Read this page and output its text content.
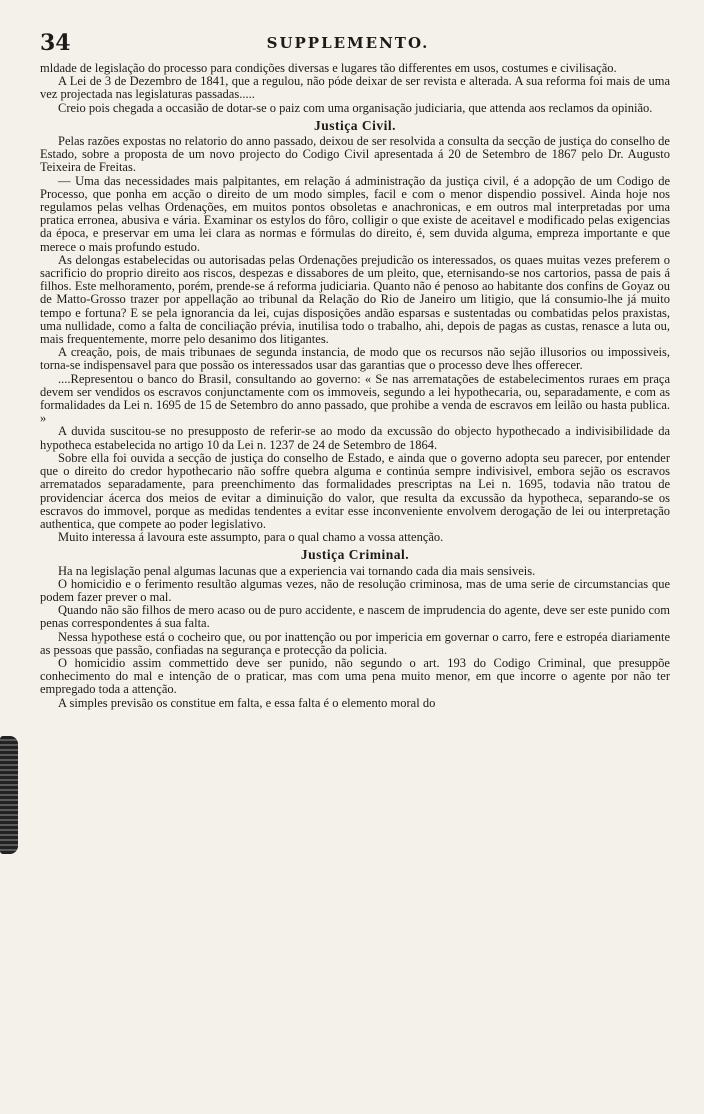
34	SUPPLEMENTO.

mldade de legislação do processo para condições diversas e lugares tão differentes em usos, costumes e civilisação.

A Lei de 3 de Dezembro de 1841, que a regulou, não póde deixar de ser revista e alterada. A sua reforma foi mais de uma vez projectada nas legislaturas passadas.....

Creio pois chegada a occasião de dotar-se o paiz com uma organisação judiciaria, que attenda aos reclamos da opinião.

Justiça Civil.

Pelas razões expostas no relatorio do anno passado, deixou de ser resolvida a consulta da secção de justiça do conselho de Estado, sobre a proposta de um novo projecto do Codigo Civil apresentada á 20 de Setembro de 1867 pelo Dr. Augusto Teixeira de Freitas.

— Uma das necessidades mais palpitantes, em relação á administração da justiça civil, é a adopção de um Codigo de Processo, que ponha em acção o direito de um modo simples, facil e com o menor dispendio possivel. Ainda hoje nos regulamos pelas velhas Ordenações, em muitos pontos obsoletas e anachronicas, e em outros mal interpretadas por uma pratica erronea, abusiva e vária. Examinar os estylos do fôro, colligir o que existe de aceitavel e modificado pelas exigencias da época, e preservar em uma lei clara as normas e fórmulas do direito, é, sem duvida alguma, empreza importante e que merece o mais profundo estudo.

As delongas estabelecidas ou autorisadas pelas Ordenações prejudicão os interessados, os quaes muitas vezes preferem o sacrificio do proprio direito aos riscos, despezas e dissabores de um pleito, que, eternisando-se nos cartorios, passa de pais á filhos. Este melhoramento, porém, prende-se á reforma judiciaria. Quanto não é penoso ao habitante dos confins de Goyaz ou de Matto-Grosso trazer por appellação ao tribunal da Relação do Rio de Janeiro um litigio, que lá consumio-lhe já muito tempo e fortuna? E se pela ignorancia da lei, cujas disposições andão esparsas e sustentadas ou combatidas pelos praxistas, uma nullidade, como a falta de conciliação prévia, inutilisa todo o trabalho, ahi, depois de pagas as custas, renasce a luta ou, mais frequentemente, morre pelo desanimo dos litigantes.

A creação, pois, de mais tribunaes de segunda instancia, de modo que os recursos não sejão illusorios ou impossiveis, torna-se indispensavel para que possão os interessados usar das garantias que o processo deve lhes offerecer.

....Representou o banco do Brasil, consultando ao governo: « Se nas arrematações de estabelecimentos ruraes em praça devem ser vendidos os escravos conjunctamente com os immoveis, segundo a lei hypothecaria, ou, separadamente, e com as formalidades da Lei n. 1695 de 15 de Setembro do anno passado, que prohibe a venda de escravos em leilão ou hasta publica. »

A duvida suscitou-se no presupposto de referir-se ao modo da excussão do objecto hypothecado a indivisibilidade da hypotheca estabelecida no artigo 10 da Lei n. 1237 de 24 de Setembro de 1864.

Sobre ella foi ouvida a secção de justiça do conselho de Estado, e ainda que o governo adopta seu parecer, por entender que o direito do credor hypothecario não soffre quebra alguma e continúa sempre indivisivel, embora sejão os escravos arrematados separadamente, para preenchimento das formalidades prescriptas na Lei n. 1695, todavia não tratou de providenciar ácerca dos meios de evitar a diminuição do valor, que resulta da excussão da hypotheca, separando-se os escravos do immovel, porque as medidas tendentes a evitar esse inconveniente envolvem derogação de lei ou interpretação authentica, que compete ao poder legislativo.

Muito interessa á lavoura este assumpto, para o qual chamo a vossa attenção.

Justiça Criminal.

Ha na legislação penal algumas lacunas que a experiencia vai tornando cada dia mais sensiveis.

O homicidio e o ferimento resultão algumas vezes, não de resolução criminosa, mas de uma serie de circumstancias que podem fazer prever o mal.

Quando não são filhos de mero acaso ou de puro accidente, e nascem de imprudencia do agente, deve ser este punido com penas correspondentes á sua falta.

Nessa hypothese está o cocheiro que, ou por inattenção ou por impericia em governar o carro, fere e estropéa diariamente as pessoas que passão, confiadas na segurança e protecção da policia.

O homicidio assim commettido deve ser punido, não segundo o art. 193 do Codigo Criminal, que presuppõe conhecimento do mal e intenção de o praticar, mas com uma pena muito menor, em que incorre o agente por não ter empregado toda a attenção.

A simples previsão os constitue em falta, e essa falta é o elemento moral do
